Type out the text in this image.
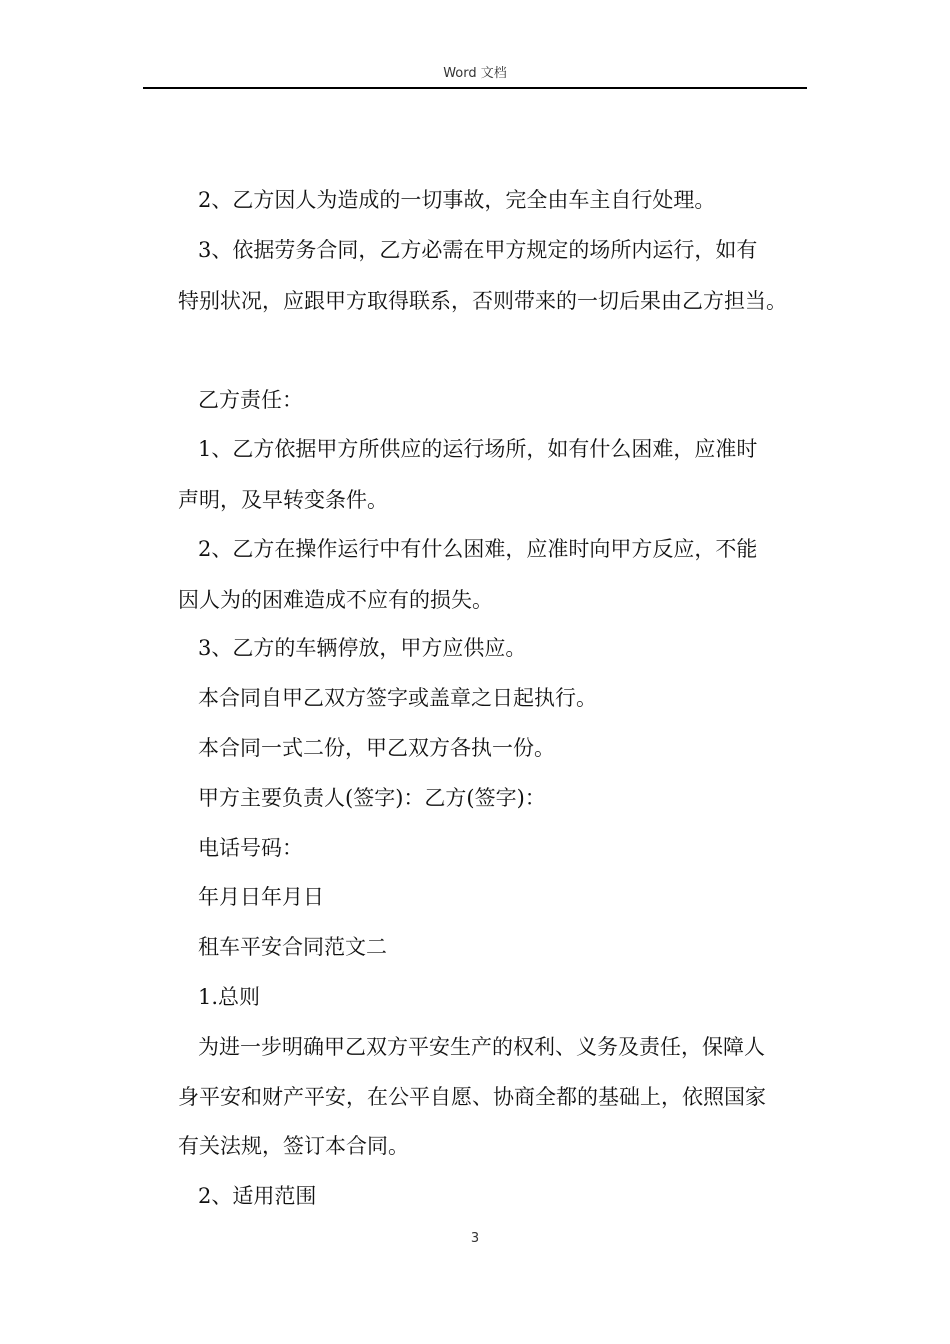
Word 文档

2、乙方因人为造成的一切事故，完全由车主自行处理。

3、依据劳务合同，乙方必需在甲方规定的场所内运行，如有

特别状况，应跟甲方取得联系，否则带来的一切后果由乙方担当。

乙方责任：

1、乙方依据甲方所供应的运行场所，如有什么困难，应准时

声明，及早转变条件。

2、乙方在操作运行中有什么困难，应准时向甲方反应，不能

因人为的困难造成不应有的损失。

3、乙方的车辆停放，甲方应供应。

本合同自甲乙双方签字或盖章之日起执行。

本合同一式二份，甲乙双方各执一份。

甲方主要负责人(签字)：乙方(签字)：

电话号码：

年月日年月日

租车平安合同范文二

1.总则

为进一步明确甲乙双方平安生产的权利、义务及责任，保障人

身平安和财产平安，在公平自愿、协商全都的基础上，依照国家

有关法规，签订本合同。

2、适用范围

3
